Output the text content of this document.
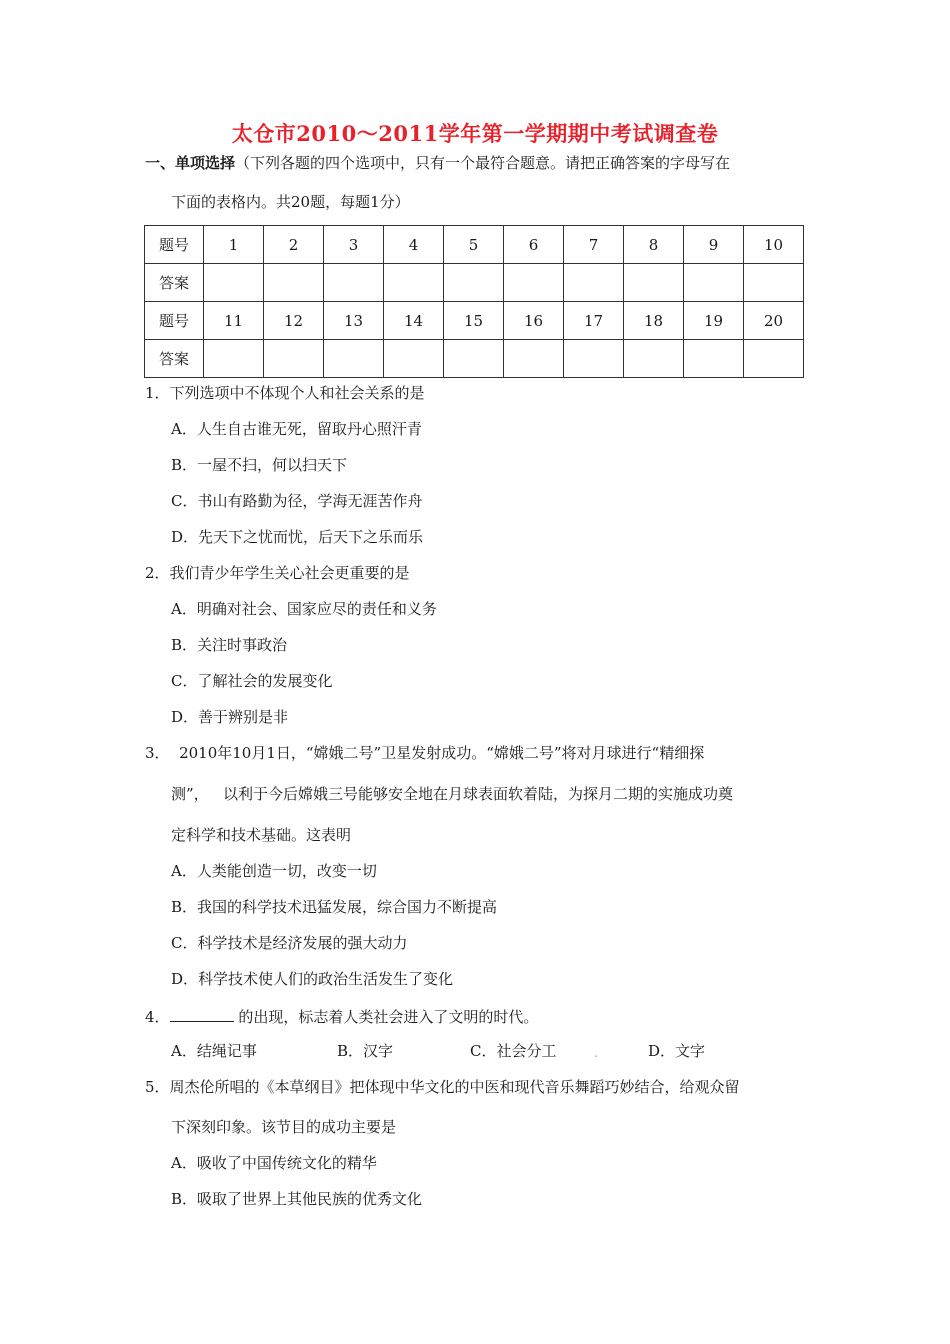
太仓市2010～2011学年第一学期期中考试调查卷
一、单项选择（下列各题的四个选项中，只有一个最符合题意。请把正确答案的字母写在
下面的表格内。共20题，每题1分）
题号	1	2	3	4	5	6	7	8	9	10
答案										
题号	11	12	13	14	15	16	17	18	19	20
答案										
1．下列选项中不体现个人和社会关系的是
A．人生自古谁无死，留取丹心照汗青
B．一屋不扫，何以扫天下
C．书山有路勤为径，学海无涯苦作舟
D．先天下之忧而忧，后天下之乐而乐
2．我们青少年学生关心社会更重要的是
A．明确对社会、国家应尽的责任和义务
B．关注时事政治
C．了解社会的发展变化
D．善于辨别是非
3．  2010年10月1日，“嫦娥二号”卫星发射成功。“嫦娥二号”将对月球进行“精细探
测”，   以利于今后嫦娥三号能够安全地在月球表面软着陆，为探月二期的实施成功奠
定科学和技术基础。这表明
A．人类能创造一切，改变一切
B．我国的科学技术迅猛发展，综合国力不断提高
C．科学技术是经济发展的强大动力
D．科学技术使人们的政治生活发生了变化
4．	的出现，标志着人类社会进入了文明的时代。
A．结绳记事	B．汉字	C．社会分工	.	D．文字
5．周杰伦所唱的《本草纲目》把体现中华文化的中医和现代音乐舞蹈巧妙结合，给观众留
下深刻印象。该节目的成功主要是
A．吸收了中国传统文化的精华
B．吸取了世界上其他民族的优秀文化
